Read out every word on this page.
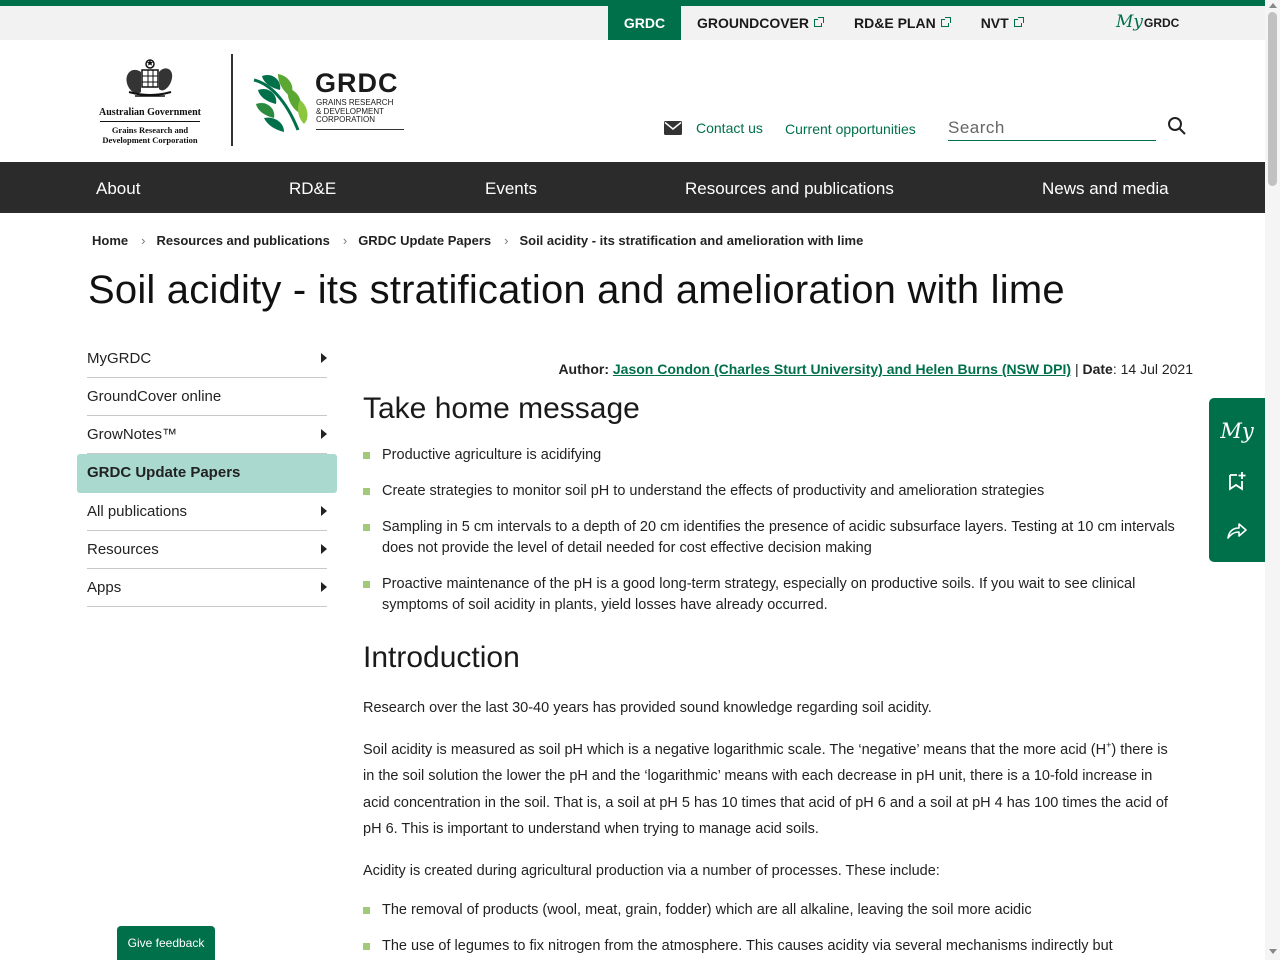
GRDC GROUNDCOVER	RD&E PLAN	NVT	My GRDC
Australian Government
Grains Research and
Development Corporation
GRDC
GRAINS RESEARCH
& DEVELOPMENT
CORPORATION
Contact us Current opportunities
Search
About	RD&E	Events	Resources and publications	News and media
Home › Resources and publications › GRDC Update Papers › Soil acidity - its stratification and amelioration with lime
Soil acidity - its stratification and amelioration with lime
MyGRDC
GroundCover online
GrowNotes™
GRDC Update Papers
All publications
Resources
Apps
Author: Jason Condon (Charles Sturt University) and Helen Burns (NSW DPI) | Date: 14 Jul 2021
Take home message
Productive agriculture is acidifying
Create strategies to monitor soil pH to understand the effects of productivity and amelioration strategies
Sampling in 5 cm intervals to a depth of 20 cm identifies the presence of acidic subsurface layers. Testing at 10 cm intervals does not provide the level of detail needed for cost effective decision making
Proactive maintenance of the pH is a good long-term strategy, especially on productive soils. If you wait to see clinical symptoms of soil acidity in plants, yield losses have already occurred.
Introduction

Research over the last 30-40 years has provided sound knowledge regarding soil acidity.

Soil acidity is measured as soil pH which is a negative logarithmic scale. The ‘negative’ means that the more acid (H+) there is in the soil solution the lower the pH and the ‘logarithmic’ means with each decrease in pH unit, there is a 10-fold increase in acid concentration in the soil. That is, a soil at pH 5 has 10 times that acid of pH 6 and a soil at pH 4 has 100 times the acid of pH 6. This is important to understand when trying to manage acid soils.

Acidity is created during agricultural production via a number of processes. These include:

The removal of products (wool, meat, grain, fodder) which are all alkaline, leaving the soil more acidic
The use of legumes to fix nitrogen from the atmosphere. This causes acidity via several mechanisms indirectly but
My
Give feedback
